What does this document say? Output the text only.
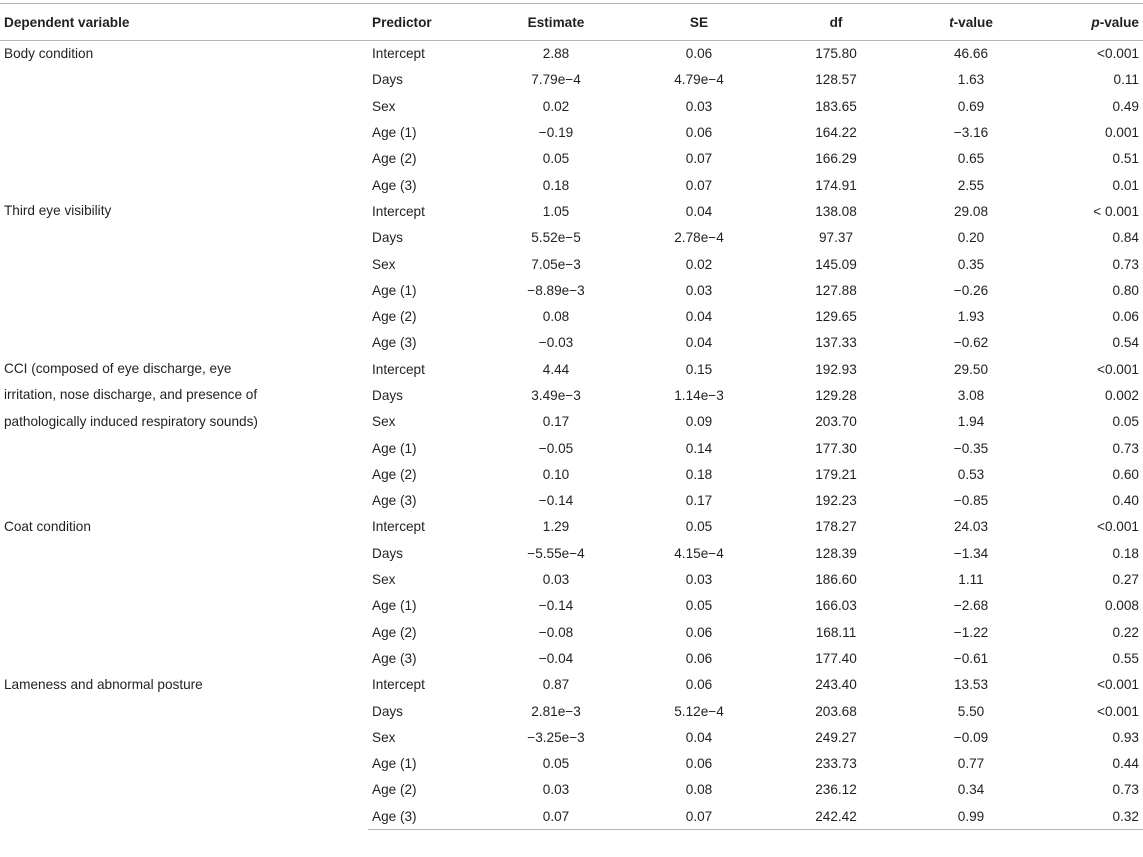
Dependent variable	Predictor	Estimate	SE	df	t-value	p-value

Body condition	Intercept	2.88	0.06	175.80	46.66	<0.001
	Days	7.79e−4	4.79e−4	128.57	1.63	0.11
	Sex	0.02	0.03	183.65	0.69	0.49
	Age (1)	−0.19	0.06	164.22	−3.16	0.001
	Age (2)	0.05	0.07	166.29	0.65	0.51
	Age (3)	0.18	0.07	174.91	2.55	0.01

Third eye visibility	Intercept	1.05	0.04	138.08	29.08	< 0.001
	Days	5.52e−5	2.78e−4	97.37	0.20	0.84
	Sex	7.05e−3	0.02	145.09	0.35	0.73
	Age (1)	−8.89e−3	0.03	127.88	−0.26	0.80
	Age (2)	0.08	0.04	129.65	1.93	0.06
	Age (3)	−0.03	0.04	137.33	−0.62	0.54

CCI (composed of eye discharge, eye
irritation, nose discharge, and presence of
pathologically induced respiratory sounds)	Intercept	4.44	0.15	192.93	29.50	<0.001
	Days	3.49e−3	1.14e−3	129.28	3.08	0.002
	Sex	0.17	0.09	203.70	1.94	0.05
	Age (1)	−0.05	0.14	177.30	−0.35	0.73
	Age (2)	0.10	0.18	179.21	0.53	0.60
	Age (3)	−0.14	0.17	192.23	−0.85	0.40

Coat condition	Intercept	1.29	0.05	178.27	24.03	<0.001
	Days	−5.55e−4	4.15e−4	128.39	−1.34	0.18
	Sex	0.03	0.03	186.60	1.11	0.27
	Age (1)	−0.14	0.05	166.03	−2.68	0.008
	Age (2)	−0.08	0.06	168.11	−1.22	0.22
	Age (3)	−0.04	0.06	177.40	−0.61	0.55

Lameness and abnormal posture	Intercept	0.87	0.06	243.40	13.53	<0.001
	Days	2.81e−3	5.12e−4	203.68	5.50	<0.001
	Sex	−3.25e−3	0.04	249.27	−0.09	0.93
	Age (1)	0.05	0.06	233.73	0.77	0.44
	Age (2)	0.03	0.08	236.12	0.34	0.73
	Age (3)	0.07	0.07	242.42	0.99	0.32
